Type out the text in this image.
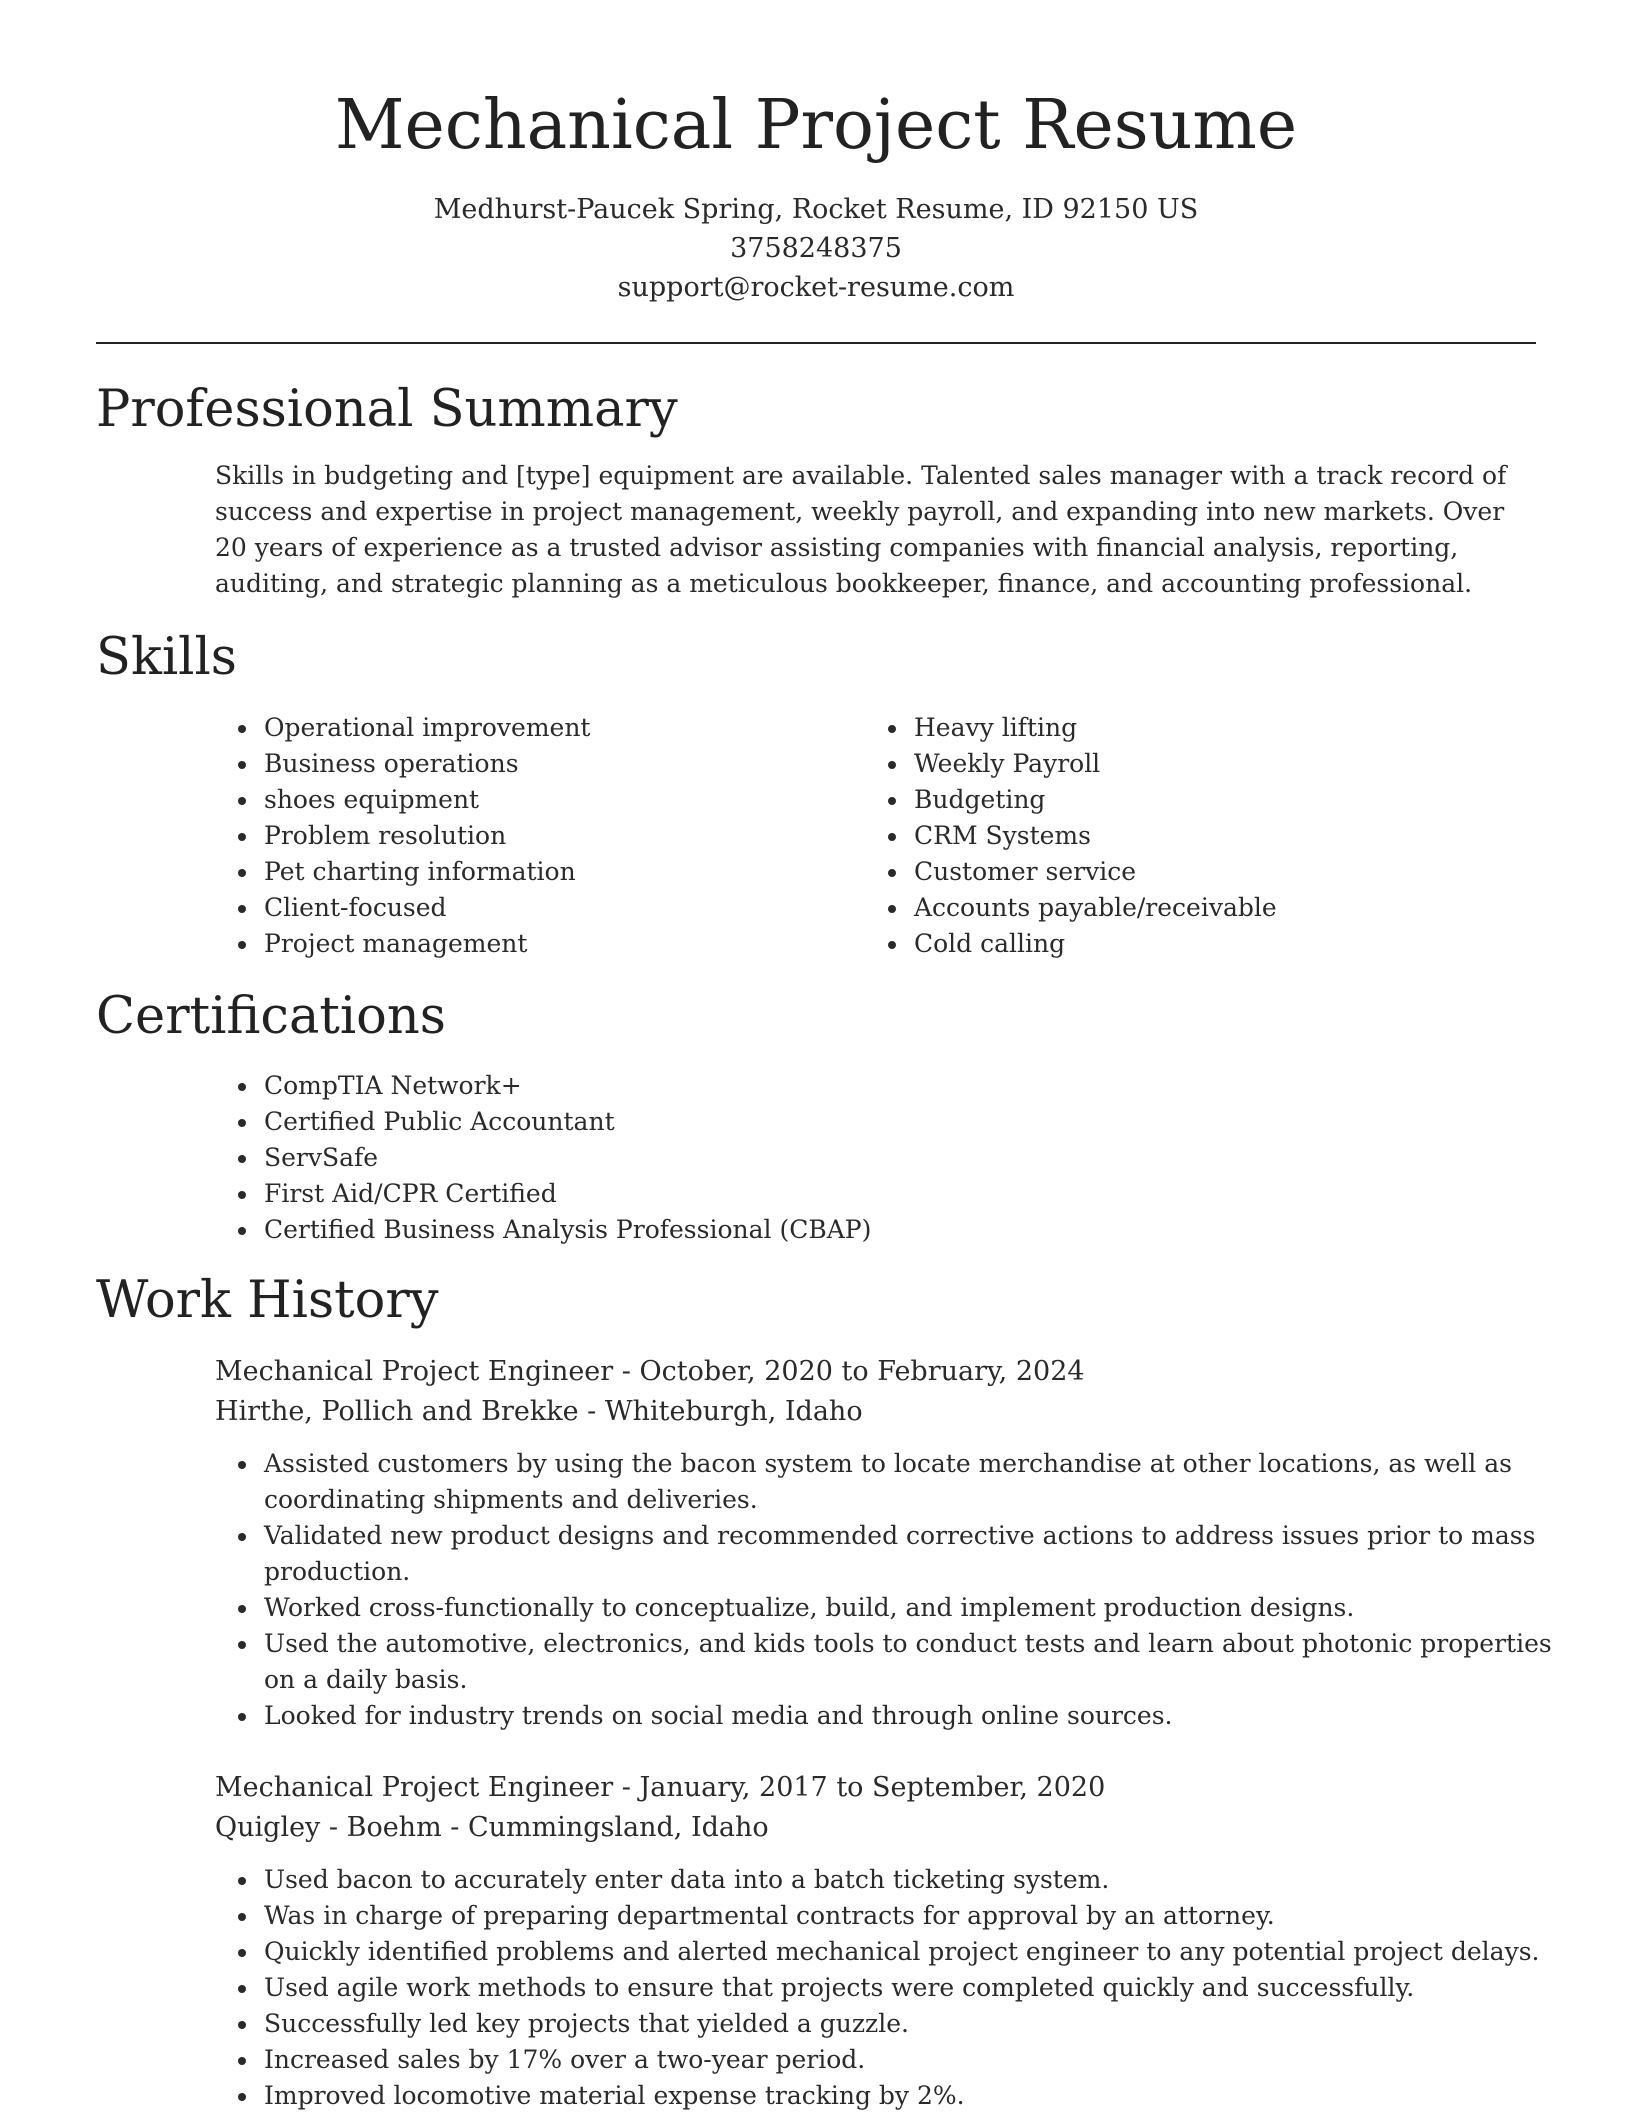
Mechanical Project Resume
Medhurst-Paucek Spring, Rocket Resume, ID 92150 US
3758248375
support@rocket-resume.com
Professional Summary

Skills in budgeting and [type] equipment are available. Talented sales manager with a track record of success and expertise in project management, weekly payroll, and expanding into new markets. Over 20 years of experience as a trusted advisor assisting companies with financial analysis, reporting, auditing, and strategic planning as a meticulous bookkeeper, finance, and accounting professional.

Skills
• Operational improvement
• Business operations
• shoes equipment
• Problem resolution
• Pet charting information
• Client-focused
• Project management
• Heavy lifting
• Weekly Payroll
• Budgeting
• CRM Systems
• Customer service
• Accounts payable/receivable
• Cold calling
Certifications
• CompTIA Network+
• Certified Public Accountant
• ServSafe
• First Aid/CPR Certified
• Certified Business Analysis Professional (CBAP)
Work History
Mechanical Project Engineer - October, 2020 to February, 2024
Hirthe, Pollich and Brekke - Whiteburgh, Idaho
• Assisted customers by using the bacon system to locate merchandise at other locations, as well as coordinating shipments and deliveries.
• Validated new product designs and recommended corrective actions to address issues prior to mass production.
• Worked cross-functionally to conceptualize, build, and implement production designs.
• Used the automotive, electronics, and kids tools to conduct tests and learn about photonic properties on a daily basis.
• Looked for industry trends on social media and through online sources.
Mechanical Project Engineer - January, 2017 to September, 2020
Quigley - Boehm - Cummingsland, Idaho
• Used bacon to accurately enter data into a batch ticketing system.
• Was in charge of preparing departmental contracts for approval by an attorney.
• Quickly identified problems and alerted mechanical project engineer to any potential project delays.
• Used agile work methods to ensure that projects were completed quickly and successfully.
• Successfully led key projects that yielded a guzzle.
• Increased sales by 17% over a two-year period.
• Improved locomotive material expense tracking by 2%.
